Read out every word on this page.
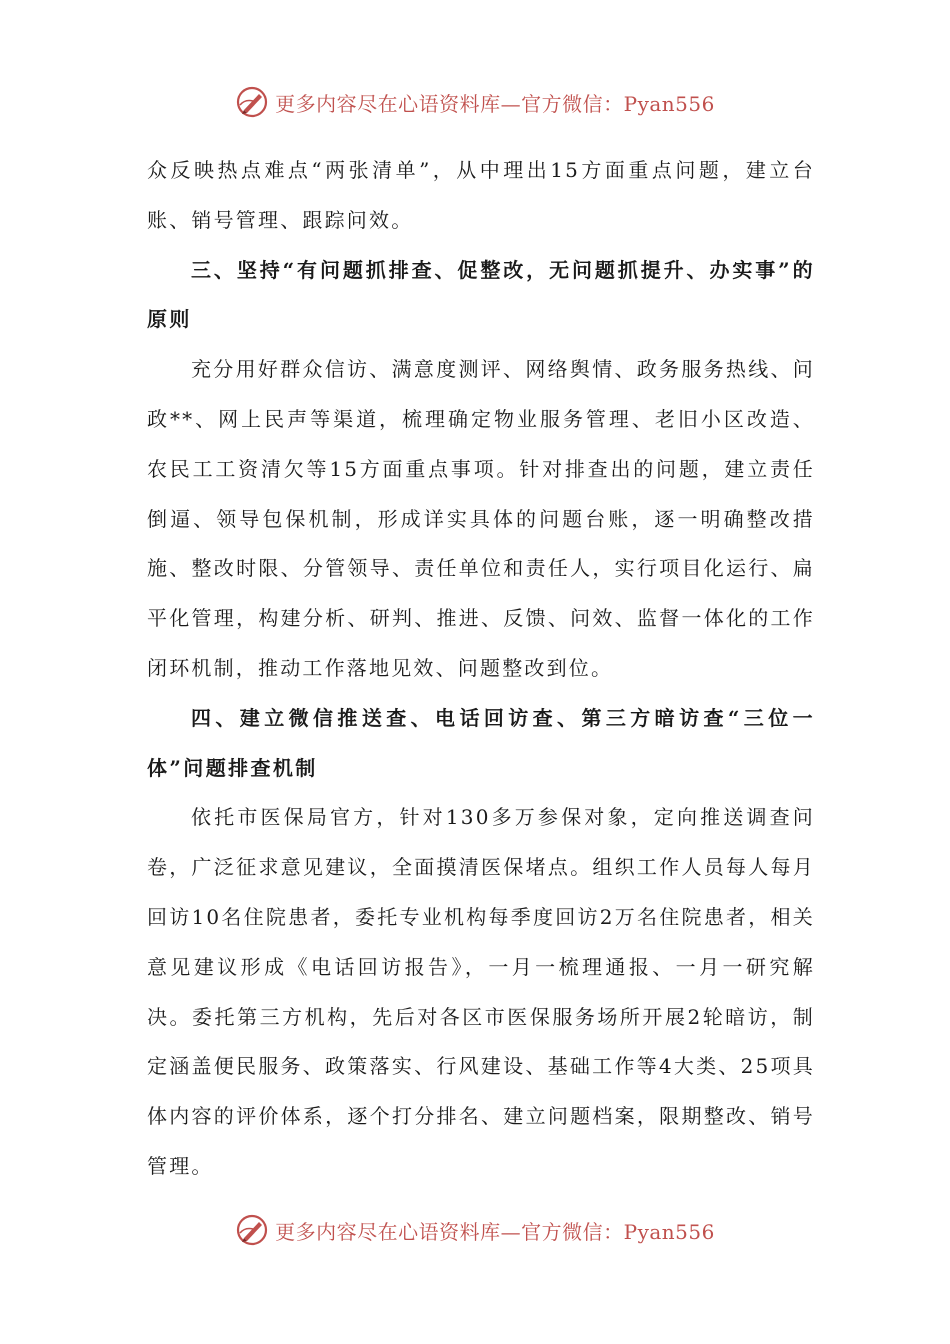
更多内容尽在心语资料库—官方微信：Pyan556

众反映热点难点“两张清单”，从中理出15方面重点问题，建立台账、销号管理、跟踪问效。

三、坚持“有问题抓排查、促整改，无问题抓提升、办实事”的原则

充分用好群众信访、满意度测评、网络舆情、政务服务热线、问政**、网上民声等渠道，梳理确定物业服务管理、老旧小区改造、农民工工资清欠等15方面重点事项。针对排查出的问题，建立责任倒逼、领导包保机制，形成详实具体的问题台账，逐一明确整改措施、整改时限、分管领导、责任单位和责任人，实行项目化运行、扁平化管理，构建分析、研判、推进、反馈、问效、监督一体化的工作闭环机制，推动工作落地见效、问题整改到位。

四、建立微信推送查、电话回访查、第三方暗访查“三位一体”问题排查机制

依托市医保局官方，针对130多万参保对象，定向推送调查问卷，广泛征求意见建议，全面摸清医保堵点。组织工作人员每人每月回访10名住院患者，委托专业机构每季度回访2万名住院患者，相关意见建议形成《电话回访报告》，一月一梳理通报、一月一研究解决。委托第三方机构，先后对各区市医保服务场所开展2轮暗访，制定涵盖便民服务、政策落实、行风建设、基础工作等4大类、25项具体内容的评价体系，逐个打分排名、建立问题档案，限期整改、销号管理。

更多内容尽在心语资料库—官方微信：Pyan556
